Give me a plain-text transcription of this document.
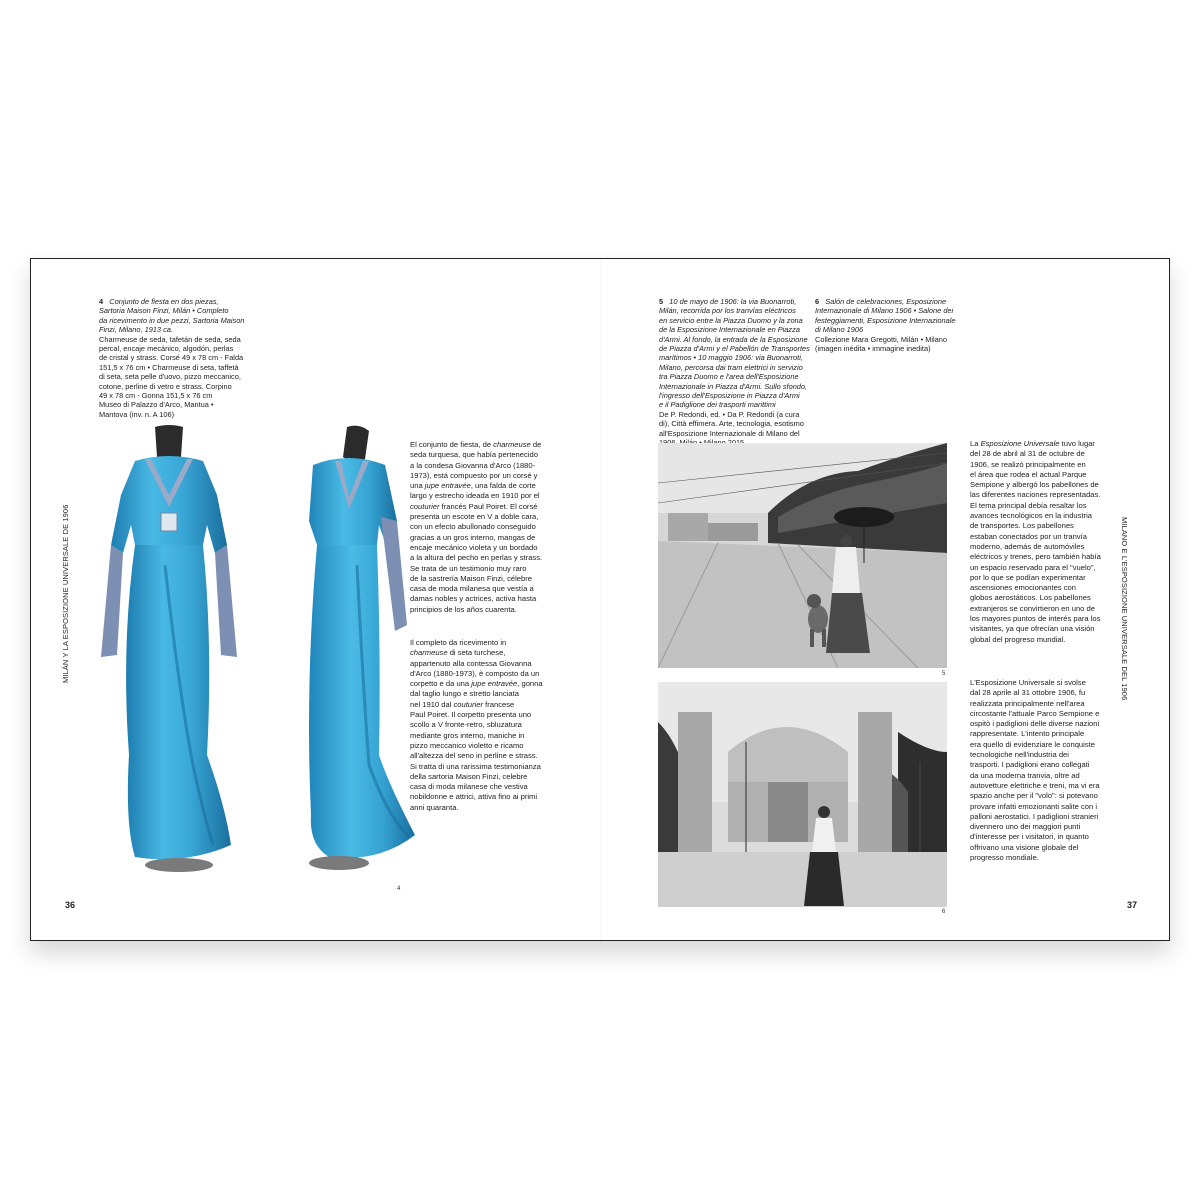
MILÁN Y LA ESPOSIZIONE UNIVERSALE DE 1906
4 Conjunto de fiesta en dos piezas,
Sartoria Maison Finzi, Milán • Completo
da ricevimento in due pezzi, Sartoria Maison
Finzi, Milano, 1913 ca.
Charmeuse de seda, tafetán de seda, seda
percal, encaje mecánico, algodón, perlas
de cristal y strass. Corsé 49 x 78 cm - Falda
151,5 x 76 cm • Charmeuse di seta, taffetà
di seta, seta pelle d'uovo, pizzo meccanico,
cotone, perline di vetro e strass. Corpino
49 x 78 cm - Gonna 151,5 x 76 cm
Museo di Palazzo d'Arco, Mantua •
Mantova (inv. n. A 106)
4
El conjunto de fiesta, de charmeuse de
seda turquesa, que había pertenecido
a la condesa Giovanna d'Arco (1880-
1973), está compuesto por un corsé y
una jupe entravée, una falda de corte
largo y estrecho ideada en 1910 por el
couturier francés Paul Poiret. El corsé
presenta un escote en V a doble cara,
con un efecto abullonado conseguido
gracias a un gros interno, mangas de
encaje mecánico violeta y un bordado
a la altura del pecho en perlas y strass.
Se trata de un testimonio muy raro
de la sastrería Maison Finzi, célebre
casa de moda milanesa que vestía a
damas nobles y actrices, activa hasta
principios de los años cuarenta.
Il completo da ricevimento in
charmeuse di seta turchese,
appartenuto alla contessa Giovanna
d'Arco (1880-1973), è composto da un
corpetto e da una jupe entravée, gonna
dal taglio lungo e stretto lanciata
nel 1910 dal couturier francese
Paul Poiret. Il corpetto presenta uno
scollo a V fronte-retro, sbluzatura
mediante gros interno, maniche in
pizzo meccanico violetto e ricamo
all'altezza del seno in perline e strass.
Si tratta di una rarissima testimonianza
della sartoria Maison Finzi, celebre
casa di moda milanese che vestiva
nobildonne e attrici, attiva fino ai primi
anni quaranta.
36
5 10 de mayo de 1906: la via Buonarroti,
Milán, recorrida por los tranvías eléctricos
en servicio entre la Piazza Duomo y la zona
de la Esposizione Internazionale en Piazza
d'Armi. Al fondo, la entrada de la Esposizione
de Piazza d'Armi y el Pabellón de Transportes
marítimos • 10 maggio 1906: via Buonarroti,
Milano, percorsa dai tram elettrici in servizio
tra Piazza Duomo e l'area dell'Esposizione
Internazionale in Piazza d'Armi. Sullo sfondo,
l'ingresso dell'Esposizione in Piazza d'Armi
e il Padiglione dei trasporti marittimi
De P. Redondi, ed. • Da P. Redondi (a cura
di), Città effimera. Arte, tecnologia, esotismo
all'Esposizione Internazionale di Milano del
6 Salón de celebraciones, Esposizione
Internazionale di Milano 1906 • Salone dei
festeggiamenti, Esposizione Internazionale
di Milano 1906
Collezione Mara Gregotti, Milán • Milano
(imagen inédita • immagine inedita)
5
6
La Esposizione Universale tuvo lugar
del 28 de abril al 31 de octubre de
1906, se realizó principalmente en
el área que rodea el actual Parque
Sempione y albergó los pabellones de
las diferentes naciones representadas.
El tema principal debía resaltar los
avances tecnológicos en la industria
de transportes. Los pabellones
estaban conectados por un tranvía
moderno, además de automóviles
eléctricos y trenes, pero también había
un espacio reservado para el "vuelo",
por lo que se podían experimentar
ascensiones emocionantes con
globos aerostáticos. Los pabellones
extranjeros se convirtieron en uno de
los mayores puntos de interés para los
visitantes, ya que ofrecían una visión
global del progreso mundial.
L'Esposizione Universale si svolse
dal 28 aprile al 31 ottobre 1906, fu
realizzata principalmente nell'area
circostante l'attuale Parco Sempione e
ospitò i padiglioni delle diverse nazioni
rappresentate. L'intento principale
era quello di evidenziare le conquiste
tecnologiche nell'industria dei
trasporti. I padiglioni erano collegati
da una moderna tranvia, oltre ad
autovetture elettriche e treni, ma vi era
spazio anche per il "volo": si potevano
provare infatti emozionanti salite con i
palloni aerostatici. I padiglioni stranieri
divennero uno dei maggiori punti
d'interesse per i visitatori, in quanto
offrivano una visione globale del
progresso mondiale.
MILANO E L'ESPOSIZIONE UNIVERSALE DEL 1906
37
